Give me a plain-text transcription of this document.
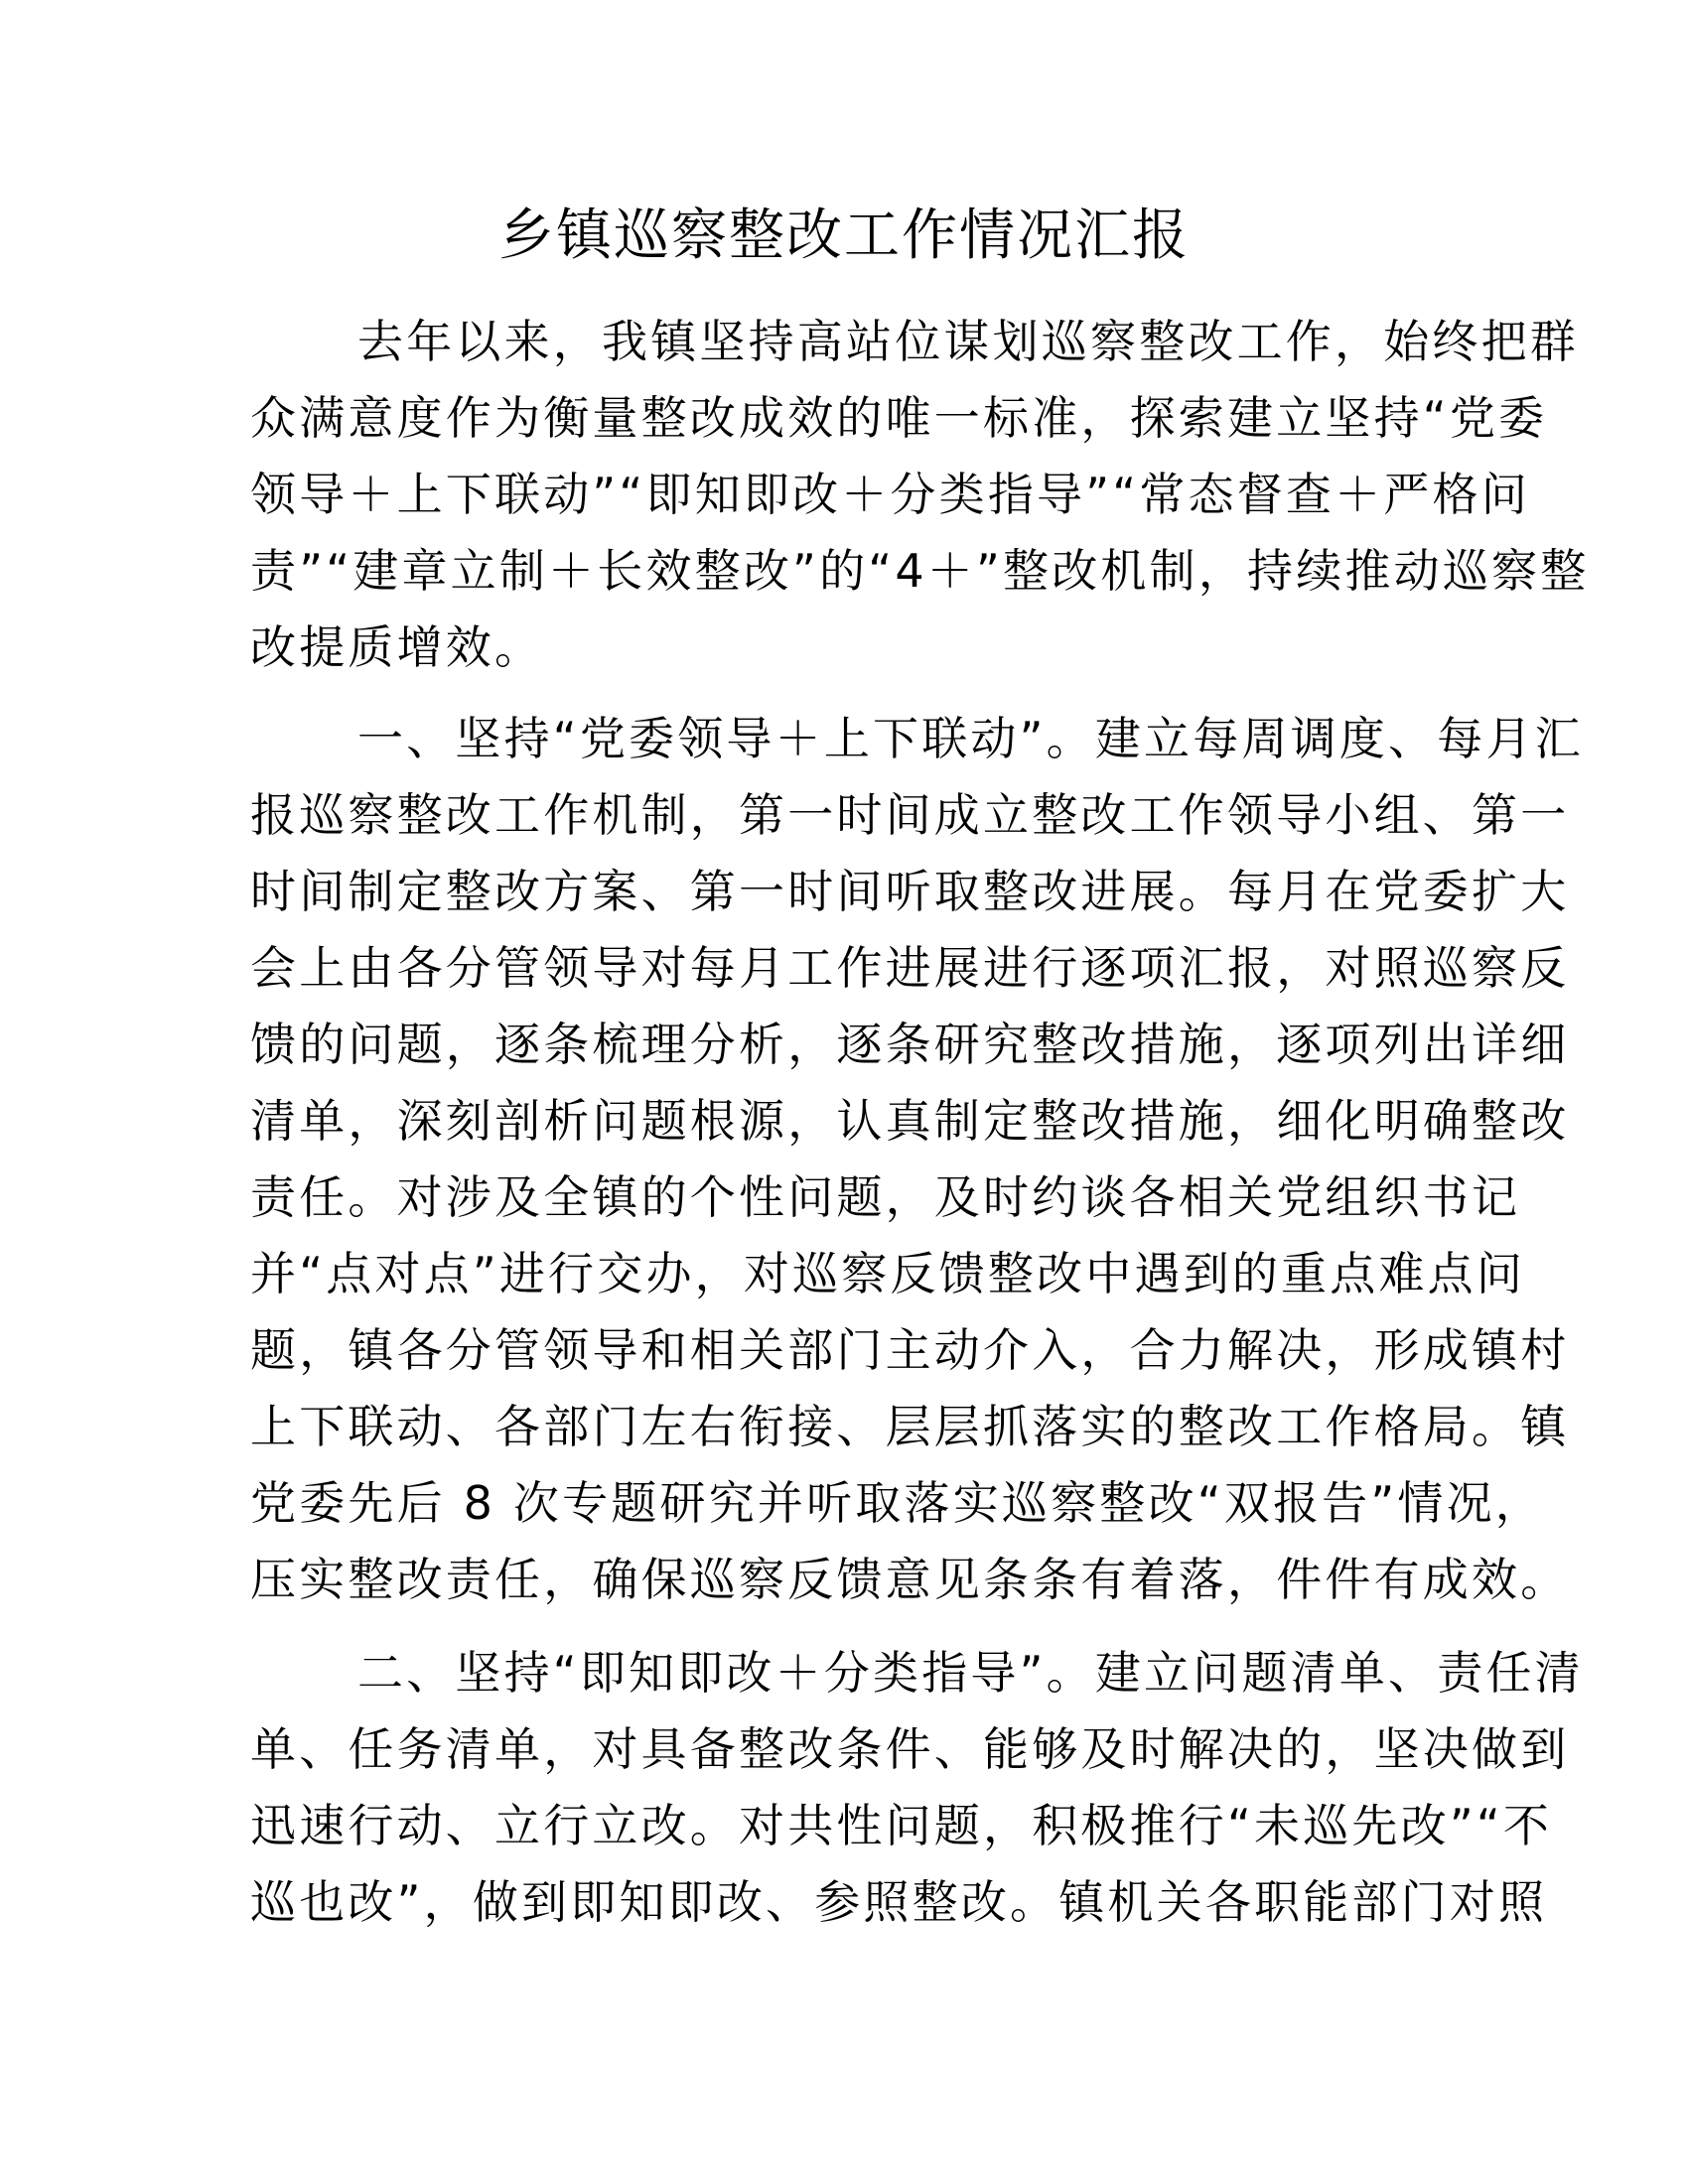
乡镇巡察整改工作情况汇报
去年以来，我镇坚持高站位谋划巡察整改工作，始终把群
众满意度作为衡量整改成效的唯一标准，探索建立坚持“党委
领导＋上下联动”“即知即改＋分类指导”“常态督查＋严格问
责”“建章立制＋长效整改”的“4＋”整改机制，持续推动巡察整
改提质增效。
一、坚持“党委领导＋上下联动”。建立每周调度、每月汇
报巡察整改工作机制，第一时间成立整改工作领导小组、第一
时间制定整改方案、第一时间听取整改进展。每月在党委扩大
会上由各分管领导对每月工作进展进行逐项汇报，对照巡察反
馈的问题，逐条梳理分析，逐条研究整改措施，逐项列出详细
清单，深刻剖析问题根源，认真制定整改措施，细化明确整改
责任。对涉及全镇的个性问题，及时约谈各相关党组织书记
并“点对点”进行交办，对巡察反馈整改中遇到的重点难点问
题，镇各分管领导和相关部门主动介入，合力解决，形成镇村
上下联动、各部门左右衔接、层层抓落实的整改工作格局。镇
党委先后 8 次专题研究并听取落实巡察整改“双报告”情况，
压实整改责任，确保巡察反馈意见条条有着落，件件有成效。
二、坚持“即知即改＋分类指导”。建立问题清单、责任清
单、任务清单，对具备整改条件、能够及时解决的，坚决做到
迅速行动、立行立改。对共性问题，积极推行“未巡先改”“不
巡也改”，做到即知即改、参照整改。镇机关各职能部门对照
